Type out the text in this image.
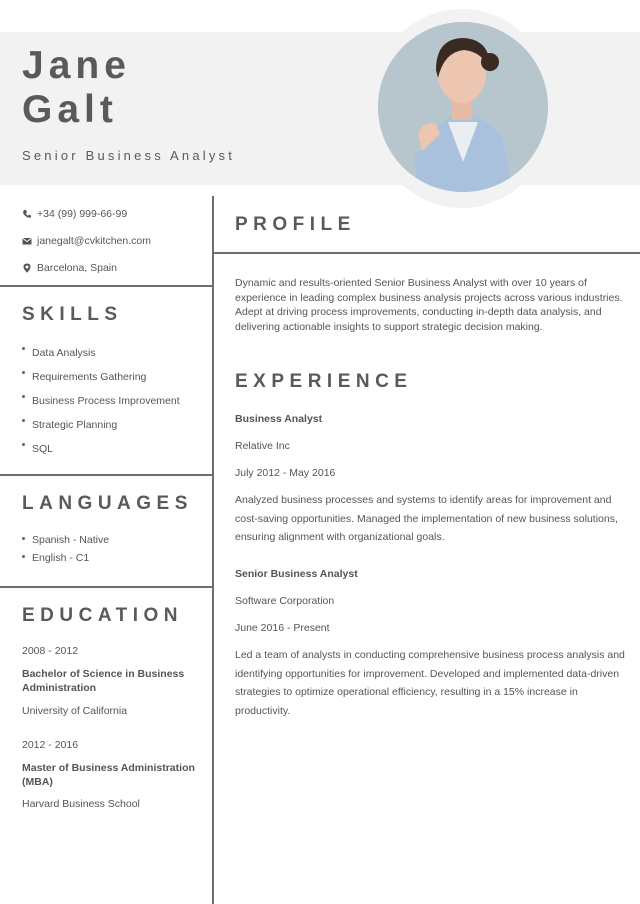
Jane
Galt
Senior Business Analyst
+34 (99) 999-66-99
janegalt@cvkitchen.com
Barcelona, Spain
SKILLS
Data Analysis
Requirements Gathering
Business Process Improvement
Strategic Planning
SQL
LANGUAGES
Spanish - Native
English - C1
EDUCATION
2008 - 2012
Bachelor of Science in Business Administration
University of California
2012 - 2016
Master of Business Administration (MBA)
Harvard Business School
PROFILE
Dynamic and results-oriented Senior Business Analyst with over 10 years of experience in leading complex business analysis projects across various industries. Adept at driving process improvements, conducting in-depth data analysis, and delivering actionable insights to support strategic decision making.
EXPERIENCE
Business Analyst
Relative Inc
July 2012 - May 2016
Analyzed business processes and systems to identify areas for improvement and cost-saving opportunities. Managed the implementation of new business solutions, ensuring alignment with organizational goals.
Senior Business Analyst
Software Corporation
June 2016 - Present
Led a team of analysts in conducting comprehensive business process analysis and identifying opportunities for improvement. Developed and implemented data-driven strategies to optimize operational efficiency, resulting in a 15% increase in productivity.
